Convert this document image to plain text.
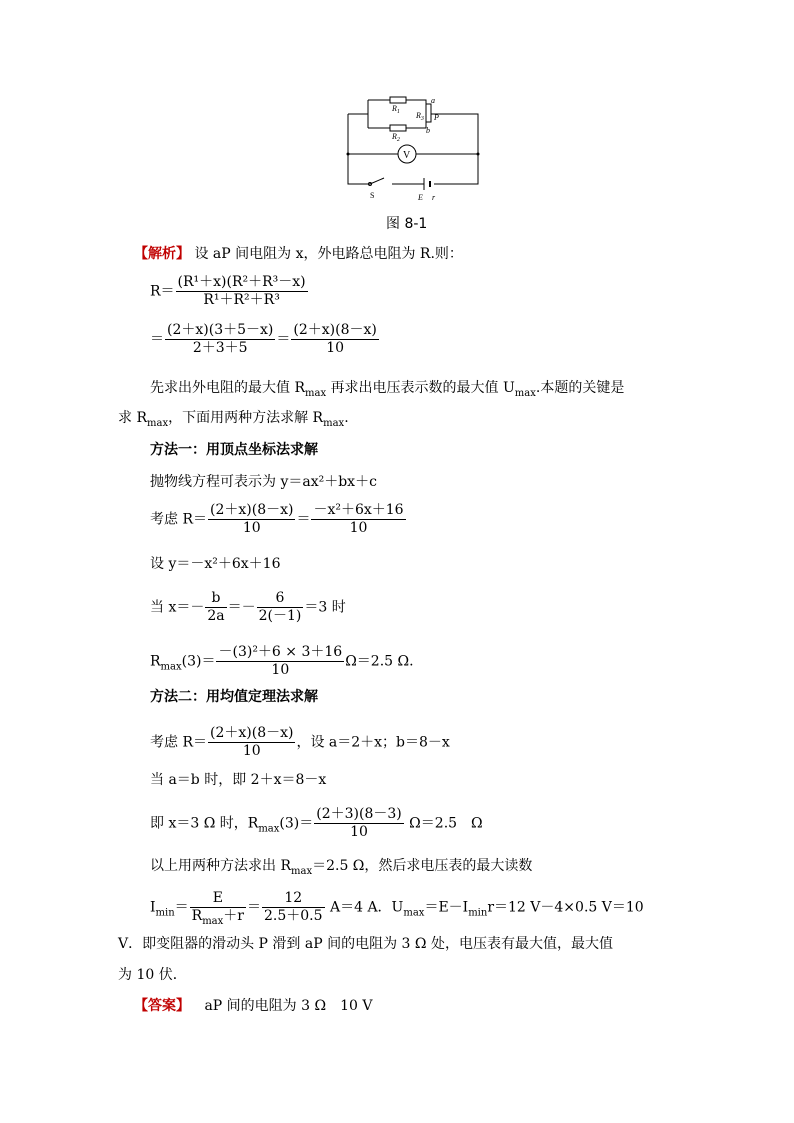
$R_1$
$R_2$
$R_3$
a
P
b
V
S	E r
图 8-1
【解析】 设 aP 间电阻为 x，外电路总电阻为 R.则：
$R= \frac{\text{(R¹＋x)(R²＋R³－x)}}{\text{R¹＋R²＋R³}}$
＝ $\frac{(2+x)(3+5-x)}{2+3+5} = \frac{(2+x)(8-x)}{10}$
先求出外电阻的最大值 $R_{max}$ 再求出电压表示数的最大值 $U_{max}$.本题的关键是
求 $R_{max}$，下面用两种方法求解 $R_{max}$.
方法一：用顶点坐标法求解
抛物线方程可表示为 y＝ax²＋bx＋c
考虑 $R= \frac{(2+x)(8-x)}{10} = \frac{\text{－x²＋6x＋16}}{10}$
设 y＝－x²＋6x＋16
当 $x=- \frac{b}{2a} =- \frac{6}{2(-1)} =3$ 时
$R_{max}(3)= \frac{\text{－(3)²＋6 × 3＋16}}{10} \Omega=2.5$ Ω.
方法二：用均值定理法求解
考虑 $R= \frac{(2+x)(8-x)}{10}$ ，设 a＝2＋x；b＝8－x
当 a＝b 时，即 2＋x＝8－x
即 x＝3 Ω 时，$R_{max}(3)= \frac{(2+3)(8-3)}{10} \Omega=2.5$　Ω
以上用两种方法求出 $R_{max}=2.5$ Ω，然后求电压表的最大读数
$I_{min}= \frac{E}{R_{max}+r} = \frac{12}{2.5+0.5} A=4$ A．$U_{max}=E-I_{min}r=12$ V－4×0.5 V＝10
V．即变阻器的滑动头 P 滑到 aP 间的电阻为 3 Ω 处，电压表有最大值，最大值
为 10 伏．
【答案】 aP 间的电阻为 3 Ω　10 V
